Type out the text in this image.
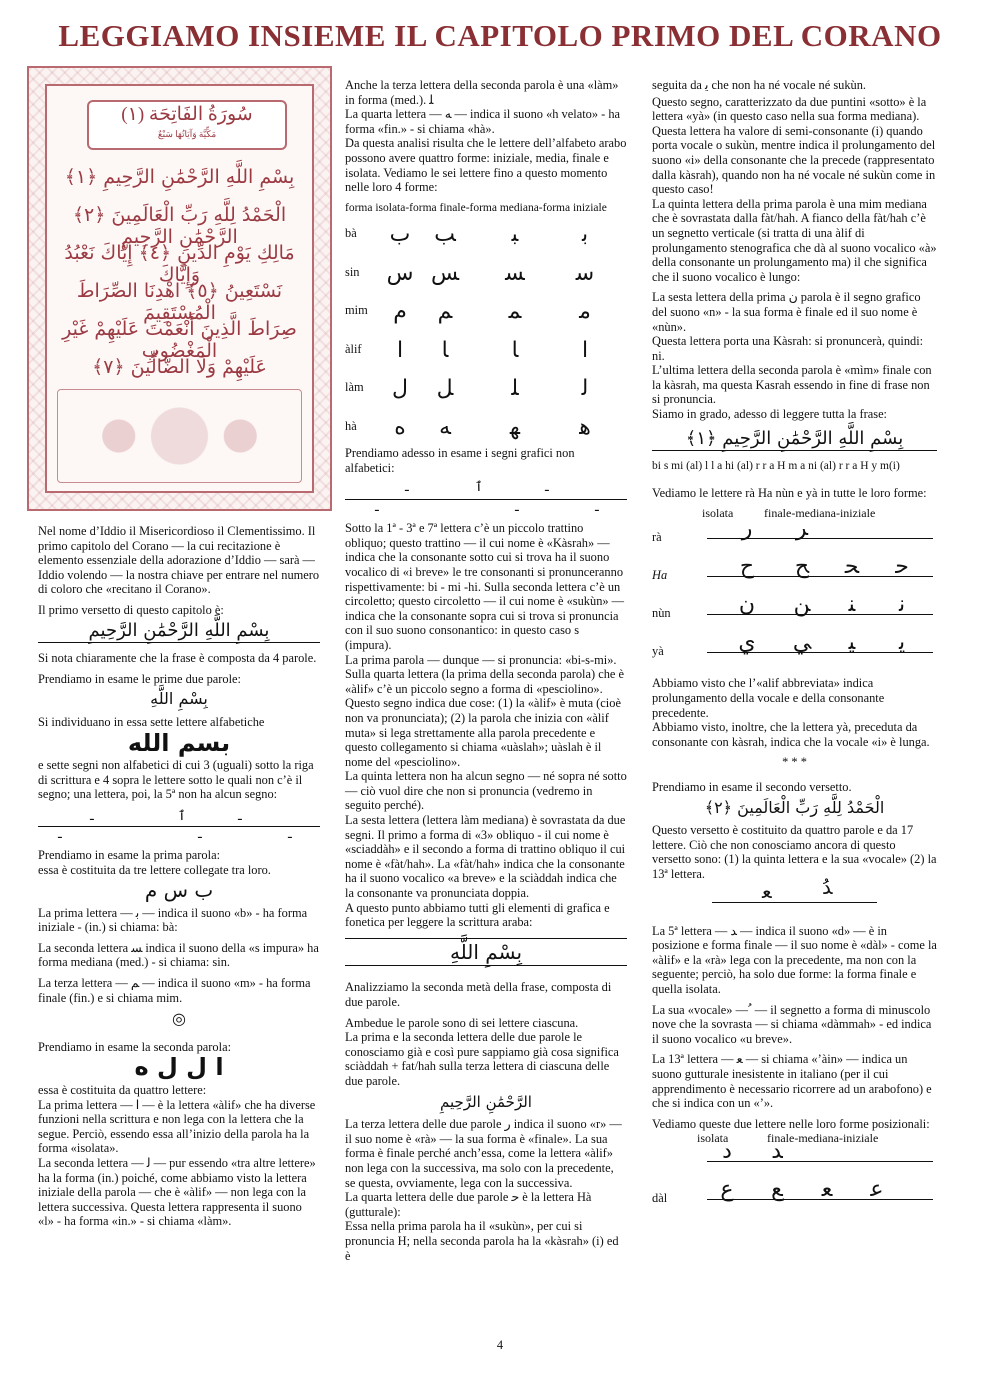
LEGGIAMO INSIEME IL CAPITOLO PRIMO DEL CORANO
(١) سُورَةُ الفَاتِحَة
مَكِّيَّة وَآيَاتُهَا سَبْعٌ
بِسْمِ اللَّهِ الرَّحْمَٰنِ الرَّحِيمِ ﴿١﴾
الْحَمْدُ لِلَّهِ رَبِّ الْعَالَمِينَ ﴿٢﴾ الرَّحْمَٰنِ الرَّحِيمِ
مَالِكِ يَوْمِ الدِّينِ ﴿٤﴾ إِيَّاكَ نَعْبُدُ وَإِيَّاكَ
نَسْتَعِينُ ﴿٥﴾ اهْدِنَا الصِّرَاطَ الْمُسْتَقِيمَ
صِرَاطَ الَّذِينَ أَنْعَمْتَ عَلَيْهِمْ غَيْرِ الْمَغْضُوبِ
عَلَيْهِمْ وَلَا الضَّالِّينَ ﴿٧﴾

Nel nome d’Iddio il Misericordioso il Clementissimo. Il primo capitolo del Corano — la cui recitazione è elemento essenziale della adorazione d’Iddio — sarà — Iddio volendo — la nostra chiave per entrare nel numero di coloro che «recitano il Corano».

Il primo versetto di questo capitolo è:

بِسْمِ اللَّهِ الرَّحْمَٰنِ الرَّحِيمِ

Si nota chiaramente che la frase è composta da 4 parole.

Prendiamo in esame le prime due parole:

بِسْمِ اللَّهِ

Si individuano in essa sette lettere alfabetiche

بسم الله

e sette segni non alfabetici di cui 3 (uguali) sotto la riga di scrittura e 4 sopra le lettere sotto le quali non c’è il segno; una lettera, poi, la 5ª non ha alcun segno:

ـ	ٱ	ـ
ـ	ـ	ـ

Prendiamo in esame la prima parola:

essa è costituita da tre lettere collegate tra loro.

ب س م

La prima lettera — ﺑ — indica il suono «b» - ha forma iniziale - (in.) si chiama: bà:

La seconda lettera ﺴ indica il suono della «s impura» ha forma mediana (med.) - si chiama: sin.

La terza lettera — ﻢ — indica il suono «m» - ha forma finale (fin.) e si chiama mim.

◎

Prendiamo in esame la seconda parola:

ا ل ل ه

essa è costituita da quattro lettere:

La prima lettera — ا — è la lettera «àlif» che ha diverse funzioni nella scrittura e non lega con la lettera che la segue. Perciò, essendo essa all’inizio della parola ha la forma «isolata».

La seconda lettera — ﻟ — pur essendo «tra altre lettere» ha la forma (in.) poiché, come abbiamo visto la lettera iniziale della parola — che è «àlif» — non lega con la lettera successiva. Questa lettera rappresenta il suono «l» - ha forma «in.» - si chiama «làm».

Anche la terza lettera della seconda parola è una «làm» in forma (med.). ﻠ

La quarta lettera — ﻪ — indica il suono «h velato» - ha forma «fin.» - si chiama «hà».

Da questa analisi risulta che le lettere dell’alfabeto arabo possono avere quattro forme: iniziale, media, finale e isolata. Vediamo le sei lettere fino a questo momento nelle loro 4 forme:

forma isolata-forma finale-forma mediana-forma iniziale

bà	ب	ﺐ	ﺒ	ﺑ
sin س ﺲ	ﺴ	ﺳ
mim	م	ﻢ	ﻤ	ﻣ
àlif	ا	ﺎ	ﺎ	ا
làm	ل	ﻞ	ﻠ	ﻟ
hà	ه	ﻪ	ﻬ	ﻫ

Prendiamo adesso in esame i segni grafici non alfabetici:

ـ	ٱ	ـ
ـ	ـ	ـ

Sotto la 1ª - 3ª e 7ª lettera c’è un piccolo trattino obliquo; questo trattino — il cui nome è «Kàsrah» — indica che la consonante sotto cui si trova ha il suono vocalico di «i breve» le tre consonanti si pronunceranno rispettivamente: bi - mi -hi. Sulla seconda lettera c’è un circoletto; questo circoletto — il cui nome è «sukùn» — indica che la consonante sopra cui si trova si pronuncia con il suo suono consonantico: in questo caso s (impura).

La prima parola — dunque — si pronuncia: «bi-s-mi». Sulla quarta lettera (la prima della seconda parola) che è «àlif» c’è un piccolo segno a forma di «pesciolino». Questo segno indica due cose: (1) la «àlif» è muta (cioè non va pronunciata); (2) la parola che inizia con «àlif muta» si lega strettamente alla parola precedente e questo collegamento si chiama «uàslah»; uàslah è il nome del «pesciolino».

La quinta lettera non ha alcun segno — né sopra né sotto — ciò vuol dire che non si pronuncia (vedremo in seguito perché).

La sesta lettera (lettera làm mediana) è sovrastata da due segni. Il primo a forma di «3» obliquo - il cui nome è «sciaddàh» e il secondo a forma di trattino obliquo il cui nome è «fàt/hah». La «fàt/hah» indica che la consonante ha il suono vocalico «a breve» e la sciàddah indica che la consonante va pronunciata doppia.

A questo punto abbiamo tutti gli elementi di grafica e fonetica per leggere la scrittura araba:

بِسْمِ اللَّهِ

Analizziamo la seconda metà della frase, composta di due parole.

Ambedue le parole sono di sei lettere ciascuna.

La prima e la seconda lettera delle due parole le conosciamo già e così pure sappiamo già cosa significa sciàddah + fat/hah sulla terza lettera di ciascuna delle due parole.

الرَّحْمَٰنِ الرَّحِيمِ

La terza lettera delle due parole ر indica il suono «r» — il suo nome è «rà» — la sua forma è «finale». La sua forma è finale perché anch’essa, come la lettera «àlif» non lega con la successiva, ma solo con la precedente, se questa, ovviamente, lega con la successiva.

La quarta lettera delle due parole ﺣ è la lettera Hà (gutturale):

Essa nella prima parola ha il «sukùn», per cui si pronuncia H; nella seconda parola ha la «kàsrah» (i) ed è

seguita da ﻳ che non ha né vocale né sukùn.

Questo segno, caratterizzato da due puntini «sotto» è la lettera «yà» (in questo caso nella sua forma mediana). Questa lettera ha valore di semi-consonante (i) quando porta vocale o sukùn, mentre indica il prolungamento del suono «i» della consonante che la precede (rappresentato dalla kàsrah), quando non ha né vocale né sukùn come in questo caso!

La quinta lettera della prima parola è una mim mediana che è sovrastata dalla fàt/hah. A fianco della fàt/hah c’è un segnetto verticale (si tratta di una àlif di prolungamento stenografica che dà al suono vocalico «à» della consonante un prolungamento ma) il che significa che il suono vocalico è lungo:

La sesta lettera della prima ﻥ parola è il segno grafico del suono «n» - la sua forma è finale ed il suo nome è «nùn».

Questa lettera porta una Kàsrah: si pronuncerà, quindi: ni.

L’ultima lettera della seconda parola è «mìm» finale con la kàsrah, ma questa Kasrah essendo in fine di frase non si pronuncia.

Siamo in grado, adesso di leggere tutta la frase:

بِسْمِ اللَّهِ الرَّحْمَٰنِ الرَّحِيمِ ﴿١﴾

bi s mi (al) l l a hi (al) r r a H m a ni (al) r r a H y m(i)

Vediamo le lettere rà Ha nùn e yà in tutte le loro forme:

isolata	finale-mediana-iniziale
rà	ر	ﺮ
Ha	ح	ﺢ	ﺤ	ﺣ
nùn	ن	ﻦ	ﻨ	ﻧ
yà	ي	ﻲ	ﻴ	ﻳ

Abbiamo visto che l’«alif abbreviata» indica prolungamento della vocale e della consonante precedente.

Abbiamo visto, inoltre, che la lettera yà, preceduta da consonante con kàsrah, indica che la vocale «i» è lunga.

* * *

Prendiamo in esame il secondo versetto.

الْحَمْدُ لِلَّهِ رَبِّ الْعَالَمِينَ ﴿٢﴾

Questo versetto è costituito da quattro parole e da 17 lettere. Ciò che non conosciamo ancora di questo versetto sono: (1) la quinta lettera e la sua «vocale» (2) la 13ª lettera.

ﻌ	ﺪُ

La 5ª lettera — ﺪ — indica il suono «d» — è in posizione e forma finale — il suo nome è «dàl» - come la «àlif» e la «rà» lega con la precedente, ma non con la seguente; perciò, ha solo due forme: la forma finale e quella isolata.

La sua «vocale» — ُ — il segnetto a forma di minuscolo nove che la sovrasta — si chiama «dàmmah» - ed indica il suono vocalico «u breve».

La 13ª lettera — ﻌ — si chiama «’àin» — indica un suono gutturale inesistente in italiano (per il cui apprendimento è necessario ricorrere ad un arabofono) e che si indica con un «’».

Vediamo queste due lettere nelle loro forme posizionali:

isolata	finale-mediana-iniziale
د	ﺪ
dàl	ع	ﻊ	ﻌ	ﻋ
4
